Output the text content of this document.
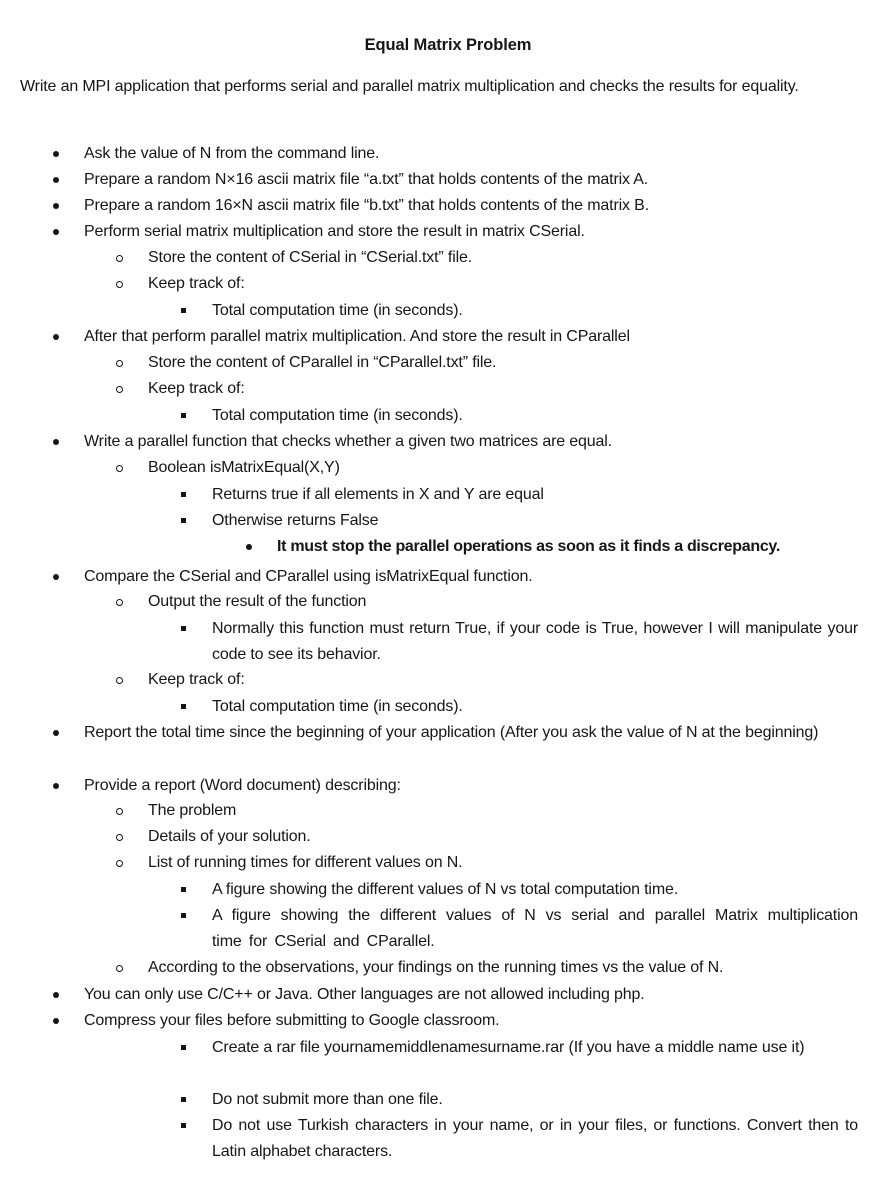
Equal Matrix Problem
Write an MPI application that performs serial and parallel matrix multiplication and checks the results for equality.
Ask the value of N from the command line.
Prepare a random N×16 ascii matrix file “a.txt” that holds contents of the matrix A.
Prepare a random 16×N ascii matrix file “b.txt” that holds contents of the matrix B.
Perform serial matrix multiplication and store the result in matrix CSerial.
Store the content of CSerial in “CSerial.txt” file.
Keep track of:
Total computation time (in seconds).
After that perform parallel matrix multiplication. And store the result in CParallel
Store the content of CParallel in “CParallel.txt” file.
Keep track of:
Total computation time (in seconds).
Write a parallel function that checks whether a given two matrices are equal.
Boolean isMatrixEqual(X,Y)
Returns true if all elements in X and Y are equal
Otherwise returns False
It must stop the parallel operations as soon as it finds a discrepancy.
Compare the CSerial and CParallel using isMatrixEqual function.
Output the result of the function
Normally this function must return True, if your code is True, however I will manipulate your code to see its behavior.
Keep track of:
Total computation time (in seconds).
Report the total time since the beginning of your application (After you ask the value of N at the beginning)
Provide a report (Word document) describing:
The problem
Details of your solution.
List of running times for different values on N.
A figure showing the different values of N vs total computation time.
A figure showing the different values of N vs serial and parallel Matrix multiplication time for CSerial and CParallel.
According to the observations, your findings on the running times vs the value of N.
You can only use C/C++ or Java. Other languages are not allowed including php.
Compress your files before submitting to Google classroom.
Create a rar file yournamemiddlenamesurname.rar (If you have a middle name use it)
Do not submit more than one file.
Do not use Turkish characters in your name, or in your files, or functions. Convert then to Latin alphabet characters.
